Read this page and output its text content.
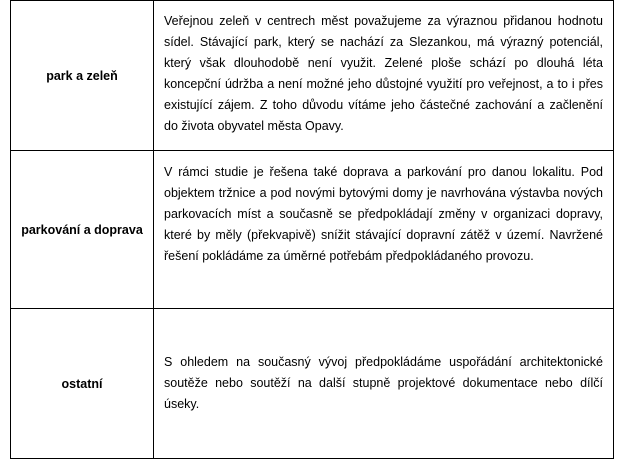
park a zeleň	Veřejnou zeleň v centrech měst považujeme za výraznou přidanou hodnotu sídel. Stávající park, který se nachází za Slezankou, má výrazný potenciál, který však dlouhodobě není využit. Zelené ploše schází po dlouhá léta koncepční údržba a není možné jeho důstojné využití pro veřejnost, a to i přes existující zájem. Z toho důvodu vítáme jeho částečné zachování a začlenění do života obyvatel města Opavy.

parkování a doprava	V rámci studie je řešena také doprava a parkování pro danou lokalitu. Pod objektem tržnice a pod novými bytovými domy je navrhována výstavba nových parkovacích míst a současně se předpokládají změny v organizaci dopravy, které by měly (překvapivě) snížit stávající dopravní zátěž v území. Navržené řešení pokládáme za úměrné potřebám předpokládaného provozu.

ostatní	S ohledem na současný vývoj předpokládáme uspořádání architektonické soutěže nebo soutěží na další stupně projektové dokumentace nebo dílčí úseky.
